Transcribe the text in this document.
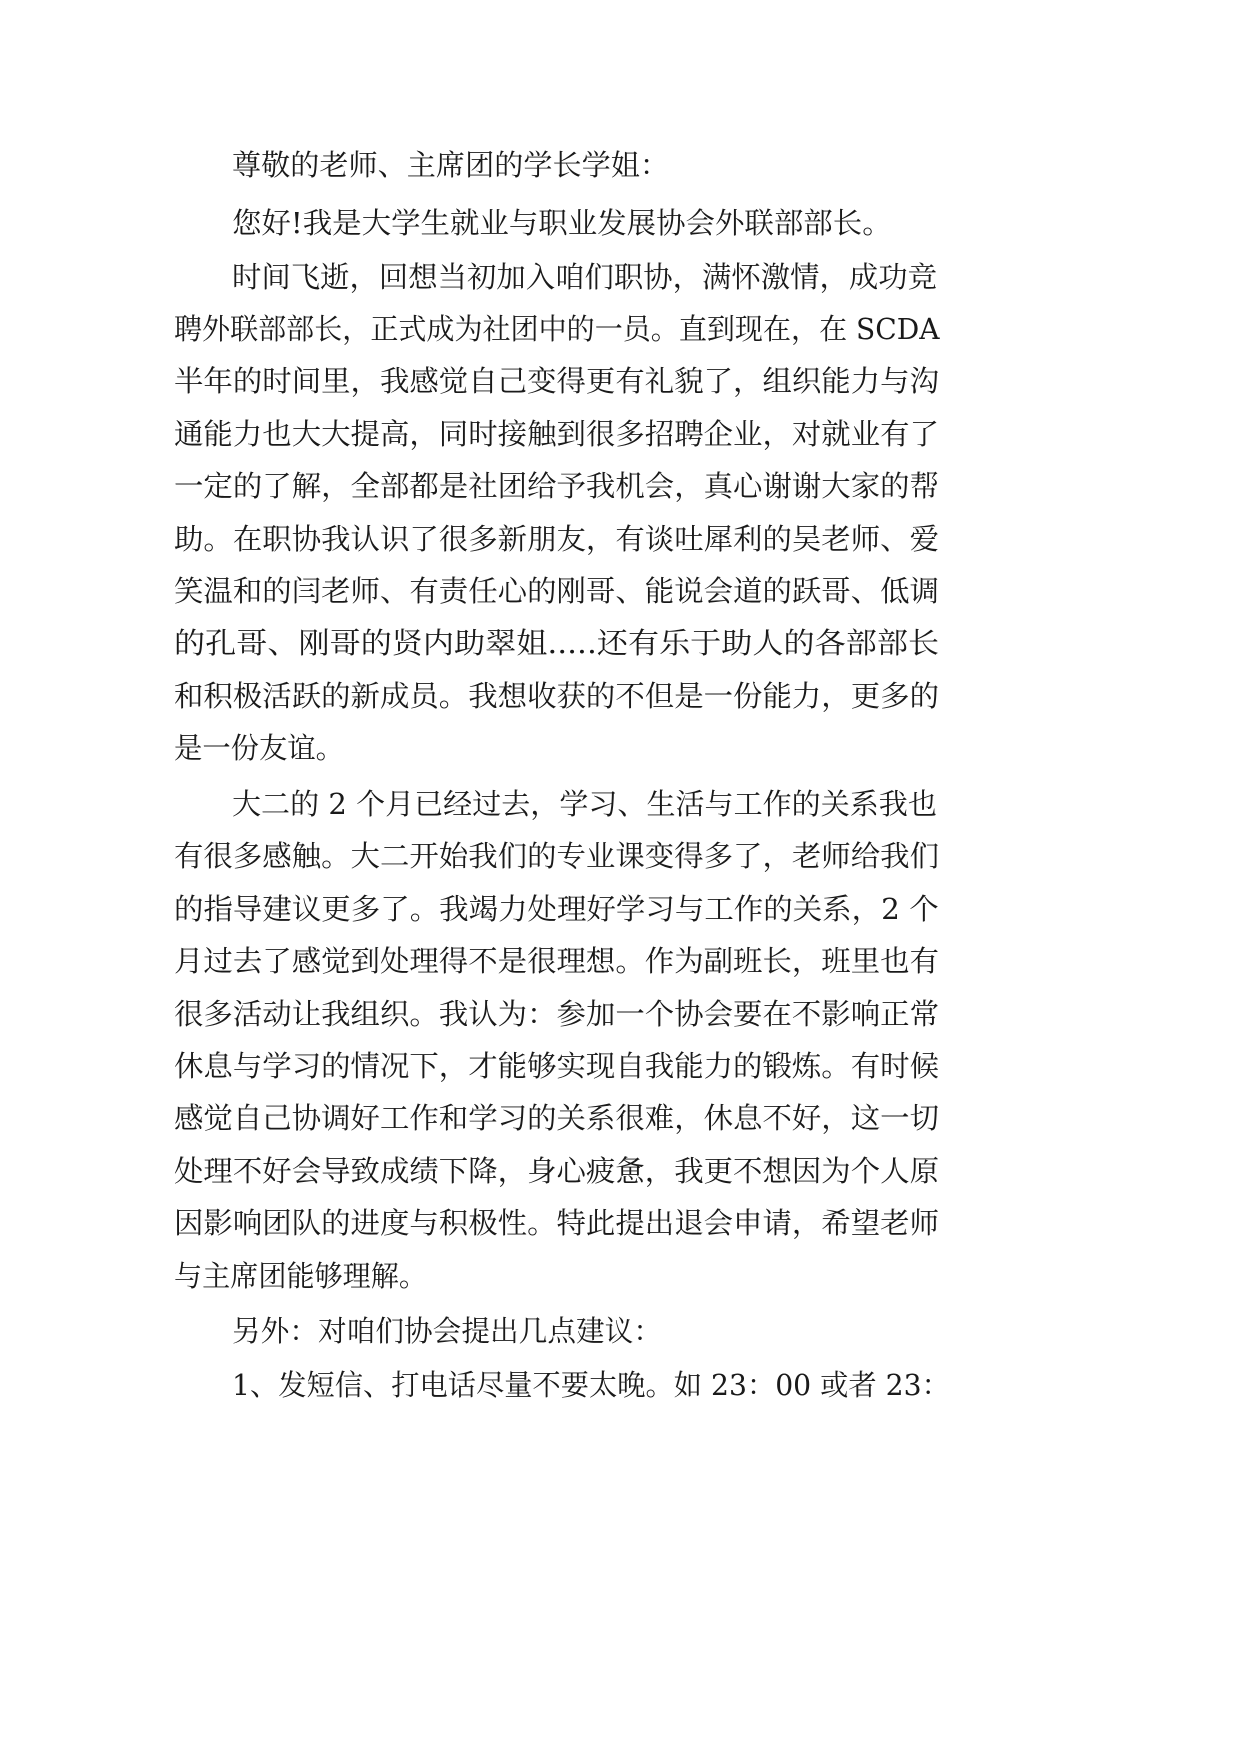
尊敬的老师、主席团的学长学姐：
您好!我是大学生就业与职业发展协会外联部部长。
时间飞逝，回想当初加入咱们职协，满怀激情，成功竞
聘外联部部长，正式成为社团中的一员。直到现在，在 SCDA
半年的时间里，我感觉自己变得更有礼貌了，组织能力与沟
通能力也大大提高，同时接触到很多招聘企业，对就业有了
一定的了解，全部都是社团给予我机会，真心谢谢大家的帮
助。在职协我认识了很多新朋友，有谈吐犀利的吴老师、爱
笑温和的闫老师、有责任心的刚哥、能说会道的跃哥、低调
的孔哥、刚哥的贤内助翠姐.....还有乐于助人的各部部长
和积极活跃的新成员。我想收获的不但是一份能力，更多的
是一份友谊。
大二的 2 个月已经过去，学习、生活与工作的关系我也
有很多感触。大二开始我们的专业课变得多了，老师给我们
的指导建议更多了。我竭力处理好学习与工作的关系，2 个
月过去了感觉到处理得不是很理想。作为副班长，班里也有
很多活动让我组织。我认为：参加一个协会要在不影响正常
休息与学习的情况下，才能够实现自我能力的锻炼。有时候
感觉自己协调好工作和学习的关系很难，休息不好，这一切
处理不好会导致成绩下降，身心疲惫，我更不想因为个人原
因影响团队的进度与积极性。特此提出退会申请，希望老师
与主席团能够理解。
另外：对咱们协会提出几点建议：
1、发短信、打电话尽量不要太晚。如 23：00 或者 23：
